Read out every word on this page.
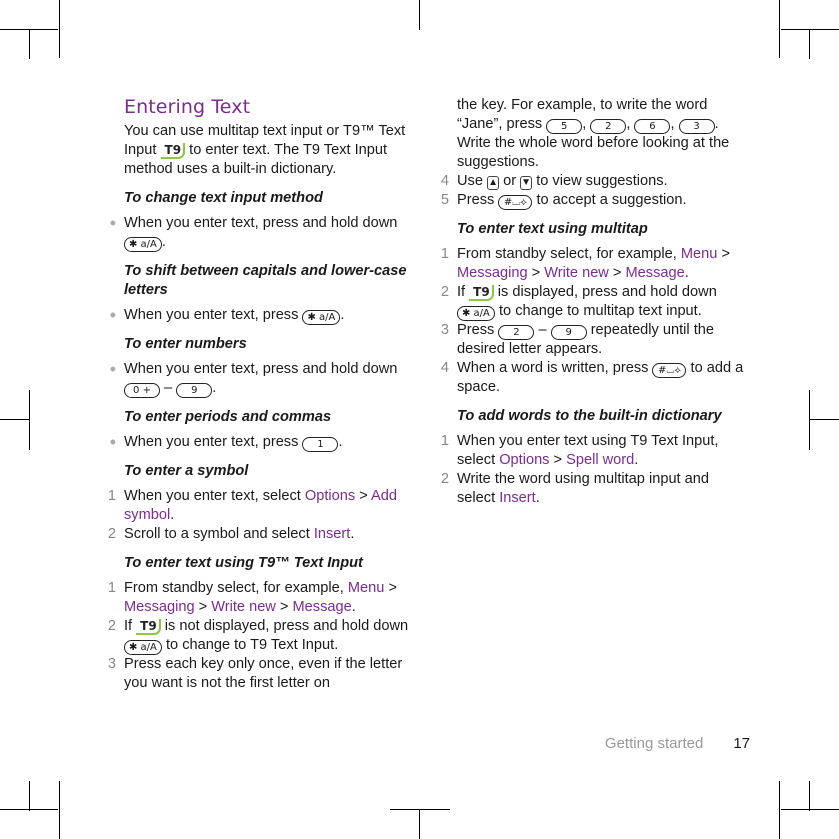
Entering Text

You can use multitap text input or T9™ Text Input T9 to enter text. The T9 Text Input method uses a built-in dictionary.

To change text input method
• When you enter text, press and hold down ✱ a/A .
To shift between capitals and lower-case letters
• When you enter text, press ✱ a/A .
To enter numbers
• When you enter text, press and hold down 0 + – 9 .
To enter periods and commas
• When you enter text, press 1 .
To enter a symbol
1 When you enter text, select Options > Add symbol.
2 Scroll to a symbol and select Insert.
To enter text using T9™ Text Input
1 From standby select, for example, Menu > Messaging > Write new > Message.
2 If T9 is not displayed, press and hold down ✱ a/A to change to T9 Text Input.
3 Press each key only once, even if the letter you want is not the first letter on
the key. For example, to write the word “Jane”, press 5 , 2 , 6 , 3 . Write the whole word before looking at the suggestions.
4 Use ▲ or ▼ to view suggestions.
5 Press #⌴⟡ to accept a suggestion.
To enter text using multitap
1 From standby select, for example, Menu > Messaging > Write new > Message.
2 If T9 is displayed, press and hold down ✱ a/A to change to multitap text input.
3 Press 2 – 9 repeatedly until the desired letter appears.
4 When a word is written, press #⌴⟡ to add a space.
To add words to the built-in dictionary
1 When you enter text using T9 Text Input, select Options > Spell word.
2 Write the word using multitap input and select Insert.
Getting started 17
